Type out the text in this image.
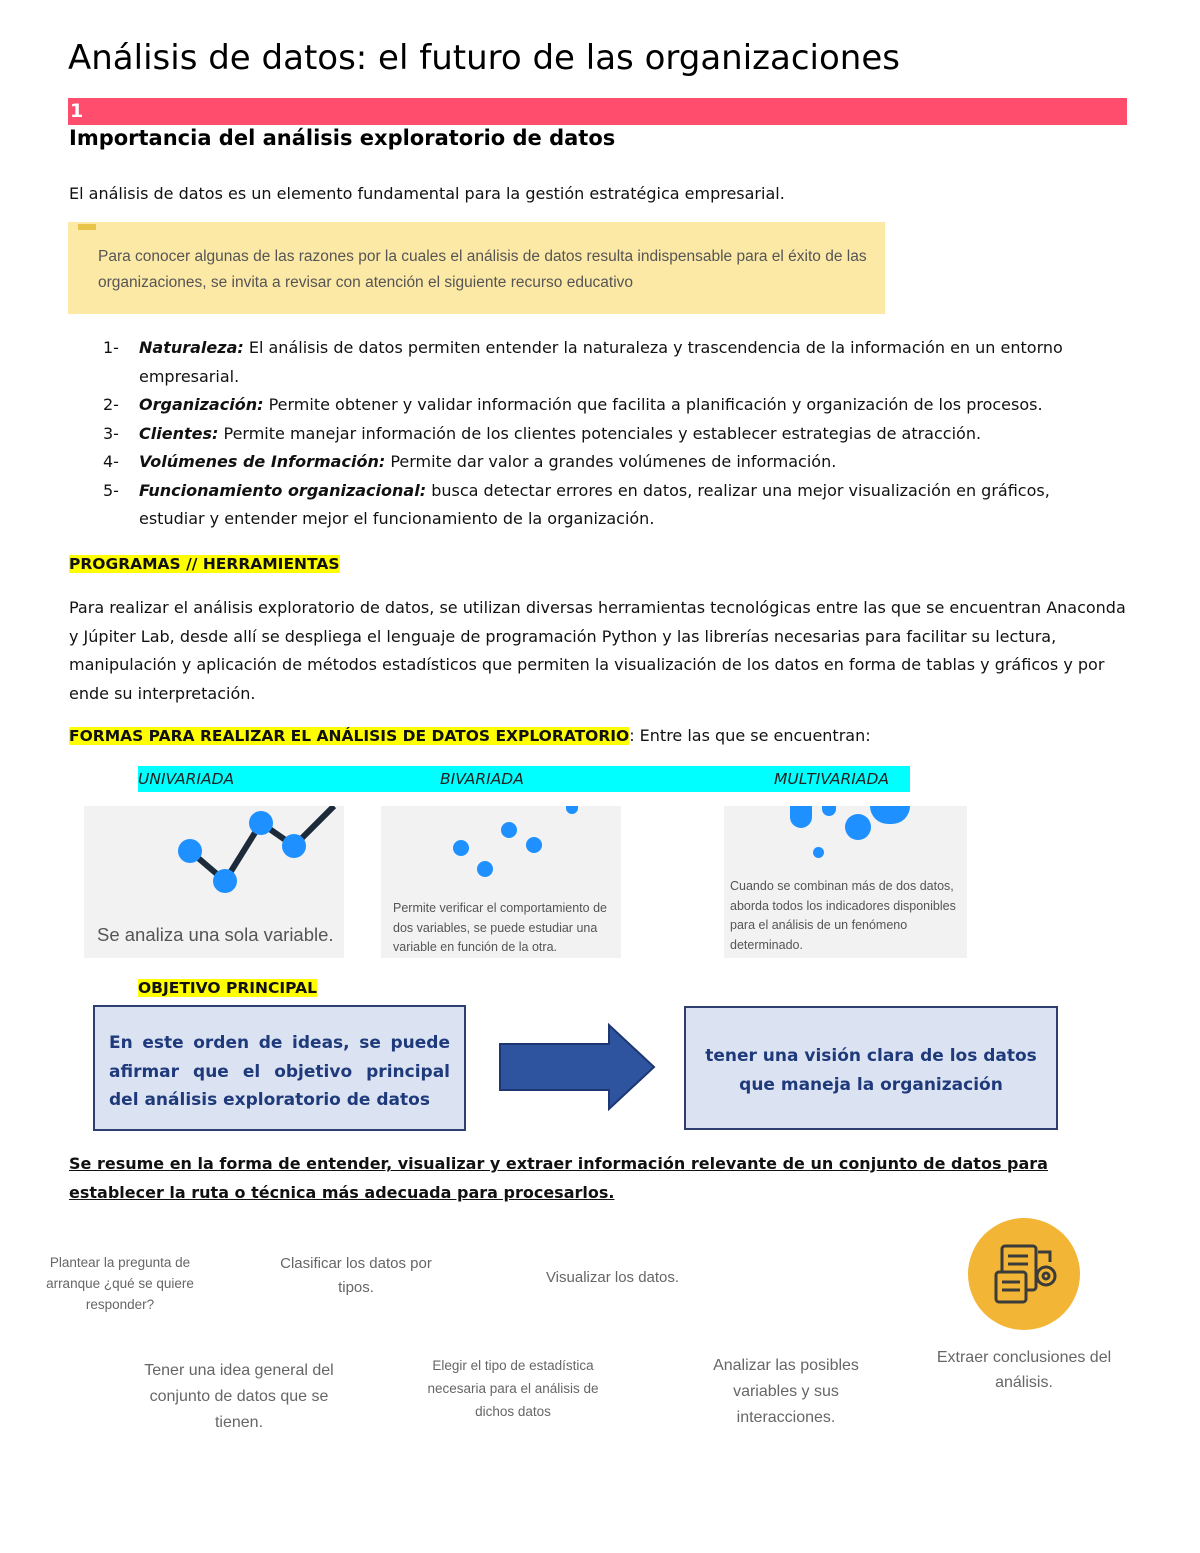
Análisis de datos: el futuro de las organizaciones
1
Importancia del análisis exploratorio de datos
El análisis de datos es un elemento fundamental para la gestión estratégica empresarial.
Para conocer algunas de las razones por la cuales el análisis de datos resulta indispensable para el éxito de las organizaciones, se invita a revisar con atención el siguiente recurso educativo
1- Naturaleza: El análisis de datos permiten entender la naturaleza y trascendencia de la información en un entorno empresarial.
2- Organización: Permite obtener y validar información que facilita a planificación y organización de los procesos.
3- Clientes: Permite manejar información de los clientes potenciales y establecer estrategias de atracción.
4- Volúmenes de Información: Permite dar valor a grandes volúmenes de información.
5- Funcionamiento organizacional: busca detectar errores en datos, realizar una mejor visualización en gráficos, estudiar y entender mejor el funcionamiento de la organización.
PROGRAMAS // HERRAMIENTAS
Para realizar el análisis exploratorio de datos, se utilizan diversas herramientas tecnológicas entre las que se encuentran Anaconda y Júpiter Lab, desde allí se despliega el lenguaje de programación Python y las librerías necesarias para facilitar su lectura, manipulación y aplicación de métodos estadísticos que permiten la visualización de los datos en forma de tablas y gráficos y por ende su interpretación.
FORMAS PARA REALIZAR EL ANÁLISIS DE DATOS EXPLORATORIO: Entre las que se encuentran:
UNIVARIADA	BIVARIADA	MULTIVARIADA
Se analiza una sola variable.
Permite verificar el comportamiento de dos variables, se puede estudiar una variable en función de la otra.
Cuando se combinan más de dos datos, aborda todos los indicadores disponibles para el análisis de un fenómeno determinado.
OBJETIVO PRINCIPAL
En este orden de ideas, se puede afirmar que el objetivo principal del análisis exploratorio de datos
tener una visión clara de los datos que maneja la organización
Se resume en la forma de entender, visualizar y extraer información relevante de un conjunto de datos para establecer la ruta o técnica más adecuada para procesarlos.
Plantear la pregunta de arranque ¿qué se quiere responder?
Tener una idea general del conjunto de datos que se tienen.
Clasificar los datos por tipos.
Elegir el tipo de estadística necesaria para el análisis de dichos datos
Visualizar los datos.
Analizar las posibles variables y sus interacciones.
Extraer conclusiones del análisis.
